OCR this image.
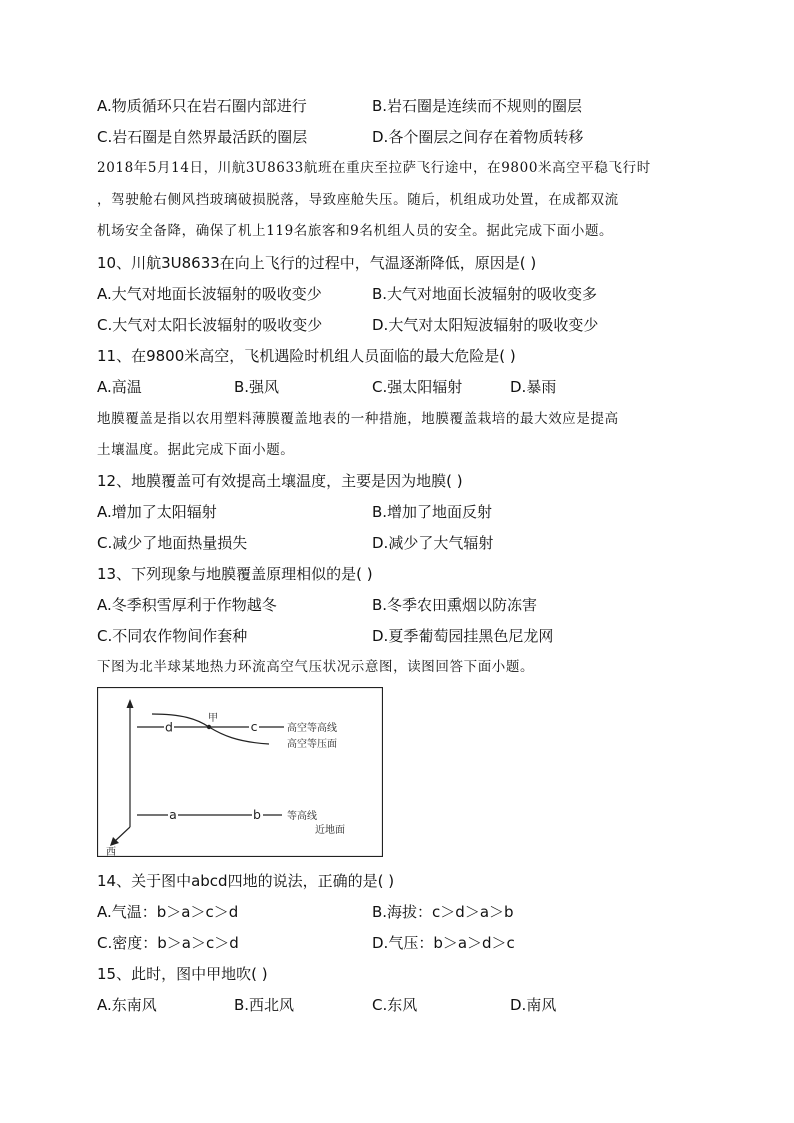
A.物质循环只在岩石圈内部进行	B.岩石圈是连续而不规则的圈层
C.岩石圈是自然界最活跃的圈层	D.各个圈层之间存在着物质转移
2018年5月14日，川航3U8633航班在重庆至拉萨飞行途中，在9800米高空平稳飞行时
，驾驶舱右侧风挡玻璃破损脱落，导致座舱失压。随后，机组成功处置，在成都双流
机场安全备降，确保了机上119名旅客和9名机组人员的安全。据此完成下面小题。
10、川航3U8633在向上飞行的过程中，气温逐渐降低，原因是( )
A.大气对地面长波辐射的吸收变少	B.大气对地面长波辐射的吸收变多
C.大气对太阳长波辐射的吸收变少	D.大气对太阳短波辐射的吸收变少
11、在9800米高空，飞机遇险时机组人员面临的最大危险是( )
A.高温	B.强风	C.强太阳辐射	D.暴雨
地膜覆盖是指以农用塑料薄膜覆盖地表的一种措施，地膜覆盖栽培的最大效应是提高
土壤温度。据此完成下面小题。
12、地膜覆盖可有效提高土壤温度，主要是因为地膜( )
A.增加了太阳辐射	B.增加了地面反射
C.减少了地面热量损失	D.减少了大气辐射
13、下列现象与地膜覆盖原理相似的是( )
A.冬季积雪厚利于作物越冬	B.冬季农田熏烟以防冻害
C.不同农作物间作套种	D.夏季葡萄园挂黑色尼龙网
下图为北半球某地热力环流高空气压状况示意图，读图回答下面小题。
d
甲
c	高空等高线
高空等压面
a	b	等高线
近地面
西
14、关于图中abcd四地的说法，正确的是( )
A.气温：b＞a＞c＞d	B.海拔：c＞d＞a＞b
C.密度：b＞a＞c＞d	D.气压：b＞a＞d＞c
15、此时，图中甲地吹( )
A.东南风	B.西北风	C.东风	D.南风
